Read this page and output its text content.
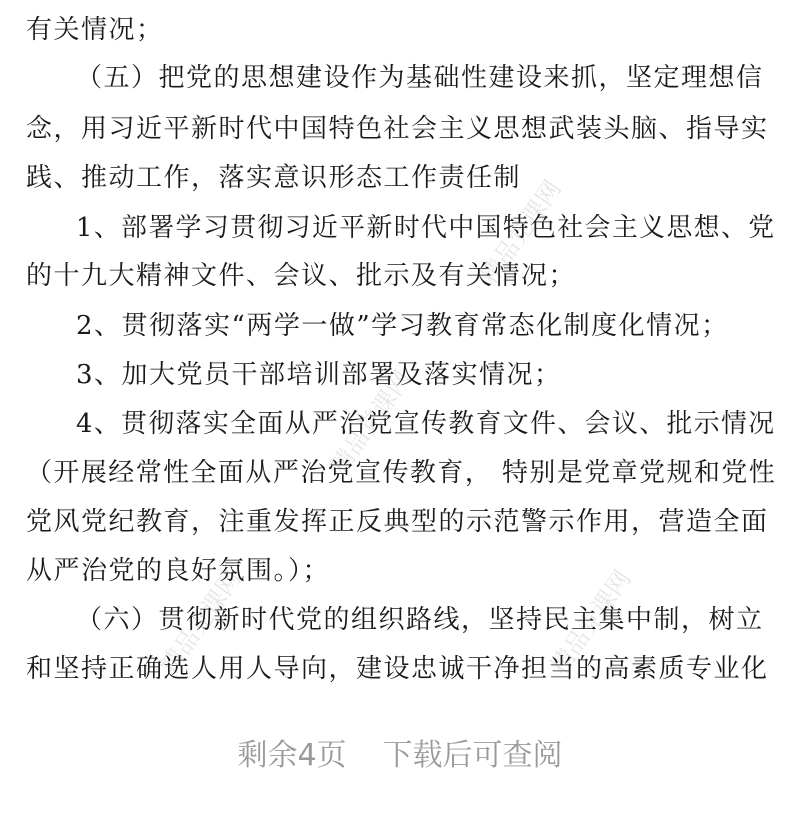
精品党课网
精品党课网
精品党课网
精品党课网
有关情况；
（五）把党的思想建设作为基础性建设来抓，坚定理想信
念，用习近平新时代中国特色社会主义思想武装头脑、指导实
践、推动工作，落实意识形态工作责任制
1、部署学习贯彻习近平新时代中国特色社会主义思想、党
的十九大精神文件、会议、批示及有关情况；
2、贯彻落实“两学一做”学习教育常态化制度化情况；
3、加大党员干部培训部署及落实情况；
4、贯彻落实全面从严治党宣传教育文件、会议、批示情况
（开展经常性全面从严治党宣传教育， 特别是党章党规和党性
党风党纪教育，注重发挥正反典型的示范警示作用，营造全面
从严治党的良好氛围。）；
（六）贯彻新时代党的组织路线，坚持民主集中制，树立
和坚持正确选人用人导向，建设忠诚干净担当的高素质专业化
剩余4页 下载后可查阅
